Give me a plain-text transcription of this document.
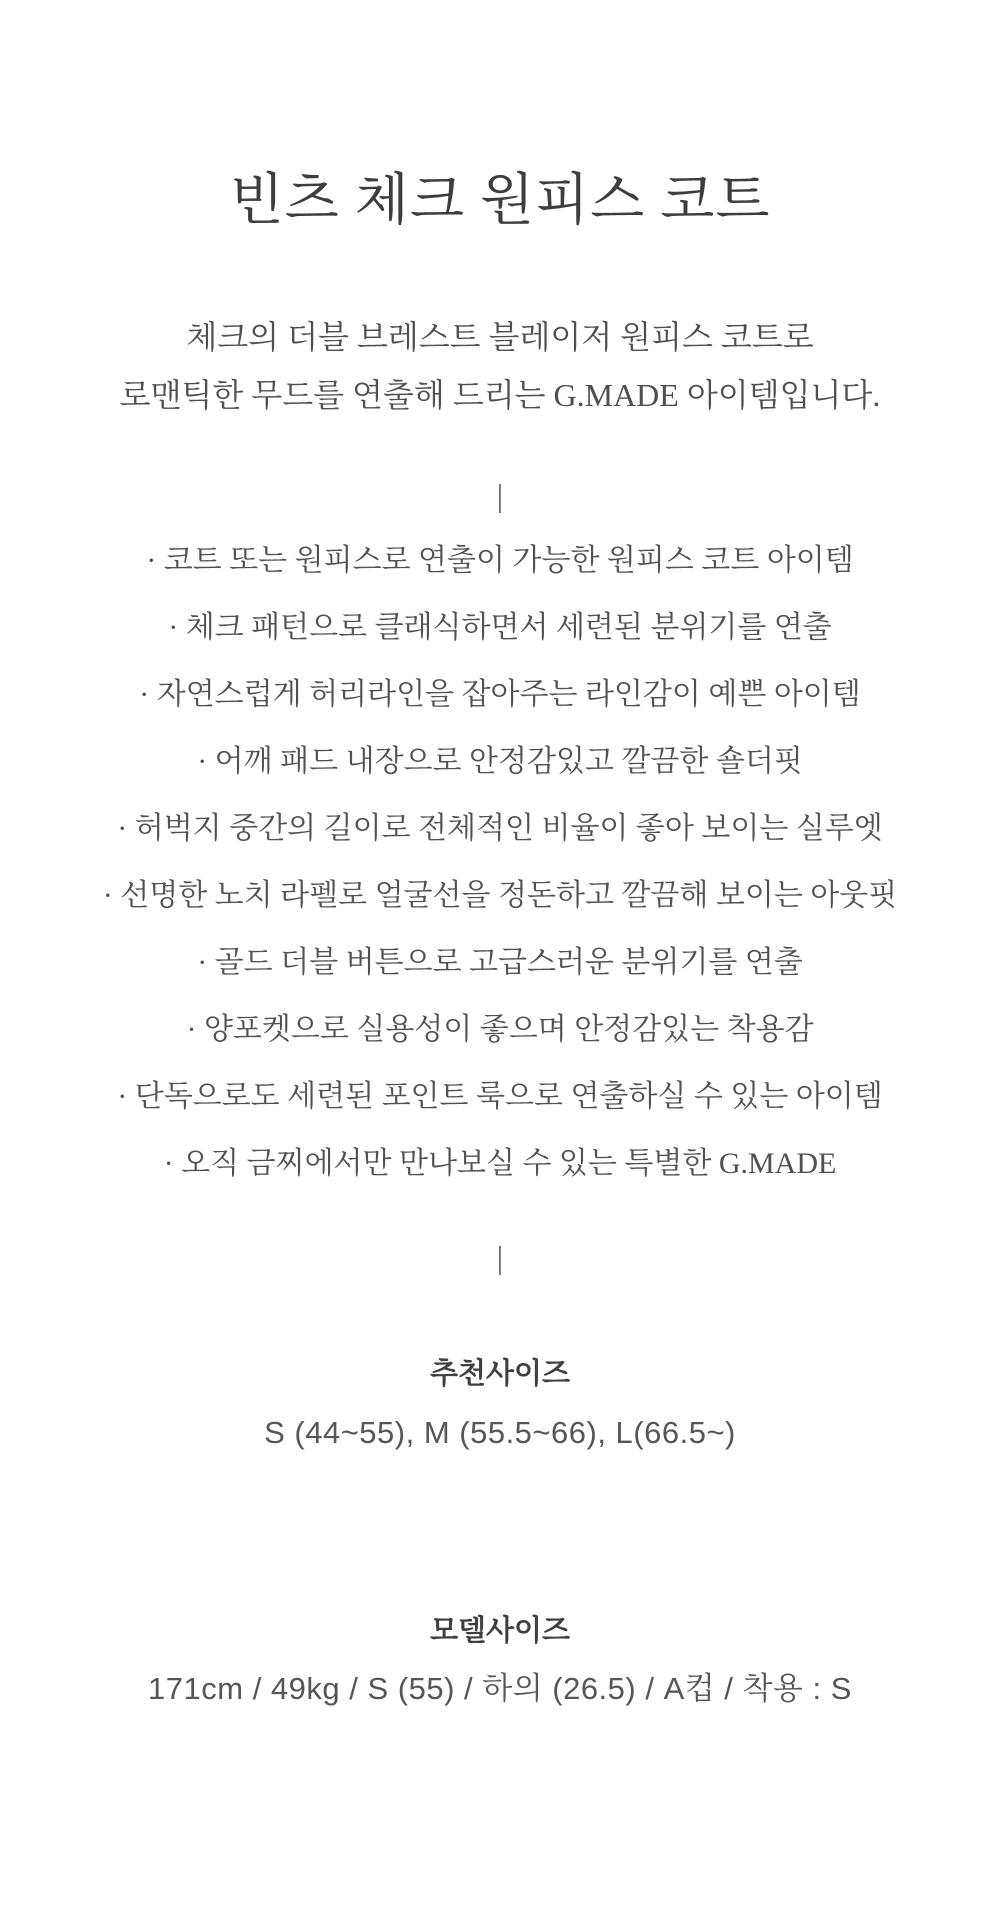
빈츠 체크 원피스 코트

체크의 더블 브레스트 블레이저 원피스 코트로
로맨틱한 무드를 연출해 드리는 G.MADE 아이템입니다.

|
· 코트 또는 원피스로 연출이 가능한 원피스 코트 아이템
· 체크 패턴으로 클래식하면서 세련된 분위기를 연출
· 자연스럽게 허리라인을 잡아주는 라인감이 예쁜 아이템
· 어깨 패드 내장으로 안정감있고 깔끔한 숄더핏
· 허벅지 중간의 길이로 전체적인 비율이 좋아 보이는 실루엣
· 선명한 노치 라펠로 얼굴선을 정돈하고 깔끔해 보이는 아웃핏
· 골드 더블 버튼으로 고급스러운 분위기를 연출
· 양포켓으로 실용성이 좋으며 안정감있는 착용감
· 단독으로도 세련된 포인트 룩으로 연출하실 수 있는 아이템
· 오직 금찌에서만 만나보실 수 있는 특별한 G.MADE
|
추천사이즈

S (44~55), M (55.5~66), L(66.5~)

모델사이즈

171cm / 49kg / S (55) / 하의 (26.5) / A컵 / 착용 : S
